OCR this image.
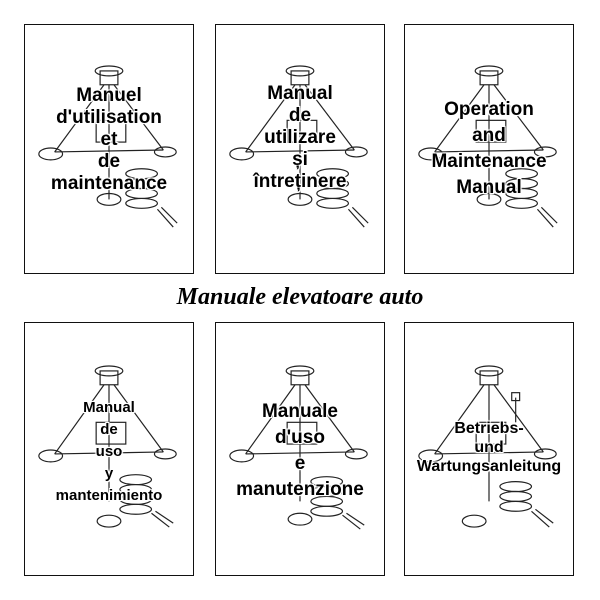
Manuel
d'utilisation
et
de
maintenance
Manual
de
utilizare
și
întreținere
Operation
and
Maintenance
Manual
Manuale elevatoare auto
Manual
de
uso
y
mantenimiento
Manuale
d'uso
e
manutenzione
Betriebs-
und
Wartungsanleitung
